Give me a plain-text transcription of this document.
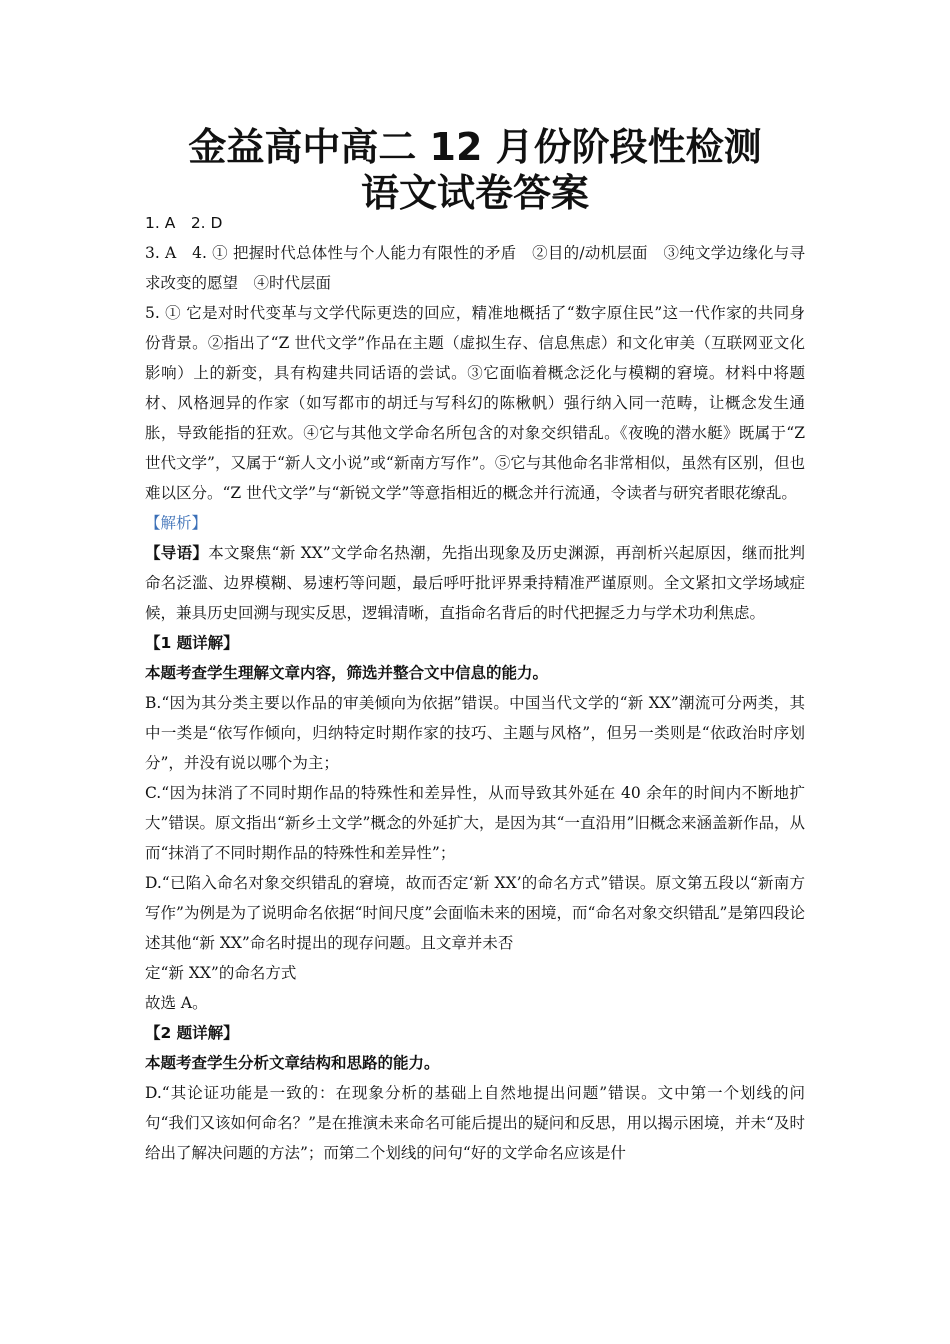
金益高中高二 12 月份阶段性检测
语文试卷答案

1. A　2. D

3. A　4. ① 把握时代总体性与个人能力有限性的矛盾　②目的/动机层面　③纯文学边缘化与寻求改变的愿望　④时代层面

5. ① 它是对时代变革与文学代际更迭的回应，精准地概括了“数字原住民”这一代作家的共同身份背景。②指出了“Z 世代文学”作品在主题（虚拟生存、信息焦虑）和文化审美（互联网亚文化影响）上的新变，具有构建共同话语的尝试。③它面临着概念泛化与模糊的窘境。材料中将题材、风格迥异的作家（如写都市的胡迁与写科幻的陈楸帆）强行纳入同一范畴，让概念发生通胀，导致能指的狂欢。④它与其他文学命名所包含的对象交织错乱。《夜晚的潜水艇》既属于“Z 世代文学”，又属于“新人文小说”或“新南方写作”。⑤它与其他命名非常相似，虽然有区别，但也难以区分。“Z 世代文学”与“新锐文学”等意指相近的概念并行流通，令读者与研究者眼花缭乱。

【解析】

【导语】本文聚焦“新 XX”文学命名热潮，先指出现象及历史渊源，再剖析兴起原因，继而批判命名泛滥、边界模糊、易速朽等问题，最后呼吁批评界秉持精准严谨原则。全文紧扣文学场域症候，兼具历史回溯与现实反思，逻辑清晰，直指命名背后的时代把握乏力与学术功利焦虑。

【1 题详解】

本题考查学生理解文章内容，筛选并整合文中信息的能力。

B.“因为其分类主要以作品的审美倾向为依据”错误。中国当代文学的“新 XX”潮流可分两类，其中一类是“依写作倾向，归纳特定时期作家的技巧、主题与风格”，但另一类则是“依政治时序划分”，并没有说以哪个为主；

C.“因为抹消了不同时期作品的特殊性和差异性，从而导致其外延在 40 余年的时间内不断地扩大”错误。原文指出“新乡土文学”概念的外延扩大，是因为其“一直沿用”旧概念来涵盖新作品，从而“抹消了不同时期作品的特殊性和差异性”；

D.“已陷入命名对象交织错乱的窘境，故而否定‘新 XX’的命名方式”错误。原文第五段以“新南方写作”为例是为了说明命名依据“时间尺度”会面临未来的困境，而“命名对象交织错乱”是第四段论述其他“新 XX”命名时提出的现存问题。且文章并未否

定“新 XX”的命名方式

故选 A。

【2 题详解】

本题考查学生分析文章结构和思路的能力。

D.“其论证功能是一致的：在现象分析的基础上自然地提出问题”错误。文中第一个划线的问句“我们又该如何命名？”是在推演未来命名可能后提出的疑问和反思，用以揭示困境，并未“及时给出了解决问题的方法”；而第二个划线的问句“好的文学命名应该是什
